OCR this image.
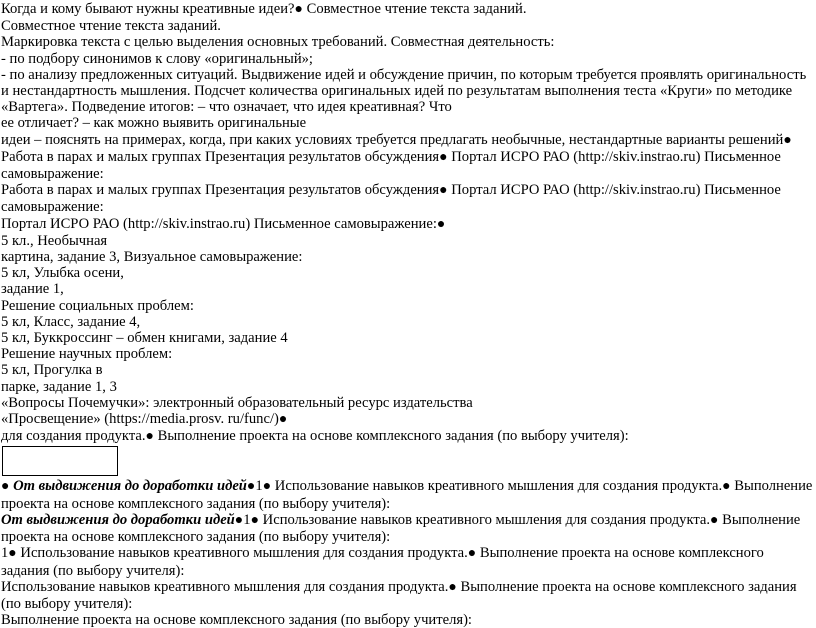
Когда и кому бывают нужны креативные идеи?● Совместное чтение текста заданий.

Совместное чтение текста заданий.

Маркировка текста с целью выделения основных требований. Совместная деятельность:

- по подбору синонимов к слову «оригинальный»;

- по анализу предложенных ситуаций. Выдвижение идей и обсуждение причин, по которым требуется проявлять оригинальность и нестандартность мышления. Подсчет количества оригинальных идей по результатам выполнения теста «Круги» по методике «Вартега». Подведение итогов: – что означает, что идея креативная? Что

ее отличает? – как можно выявить оригинальные

идеи – пояснять на примерах, когда, при каких условиях требуется предлагать необычные, нестандартные варианты решений● Работа в парах и малых группах Презентация результатов обсуждения● Портал ИСРО РАО (http://skiv.instrao.ru) Письменное самовыражение:

Работа в парах и малых группах Презентация результатов обсуждения● Портал ИСРО РАО (http://skiv.instrao.ru) Письменное самовыражение:

Портал ИСРО РАО (http://skiv.instrao.ru) Письменное самовыражение:●

5 кл., Необычная

картина, задание 3, Визуальное самовыражение:

5 кл, Улыбка осени,

задание 1,

Решение социальных проблем:

5 кл, Класс, задание 4,

5 кл, Буккроссинг – обмен книгами, задание 4

Решение научных проблем:

5 кл, Прогулка в

парке, задание 1, 3

«Вопросы Почемучки»: электронный образовательный ресурс издательства

«Просвещение» (https://media.prosv. ru/func/)●

для создания продукта.● Выполнение проекта на основе комплексного задания (по выбору учителя):

● От выдвижения до доработки идей●1● Использование навыков креативного мышления для создания продукта.● Выполнение проекта на основе комплексного задания (по выбору учителя):

От выдвижения до доработки идей●1● Использование навыков креативного мышления для создания продукта.● Выполнение проекта на основе комплексного задания (по выбору учителя):

1● Использование навыков креативного мышления для создания продукта.● Выполнение проекта на основе комплексного задания (по выбору учителя):

Использование навыков креативного мышления для создания продукта.● Выполнение проекта на основе комплексного задания (по выбору учителя):

Выполнение проекта на основе комплексного задания (по выбору учителя):
